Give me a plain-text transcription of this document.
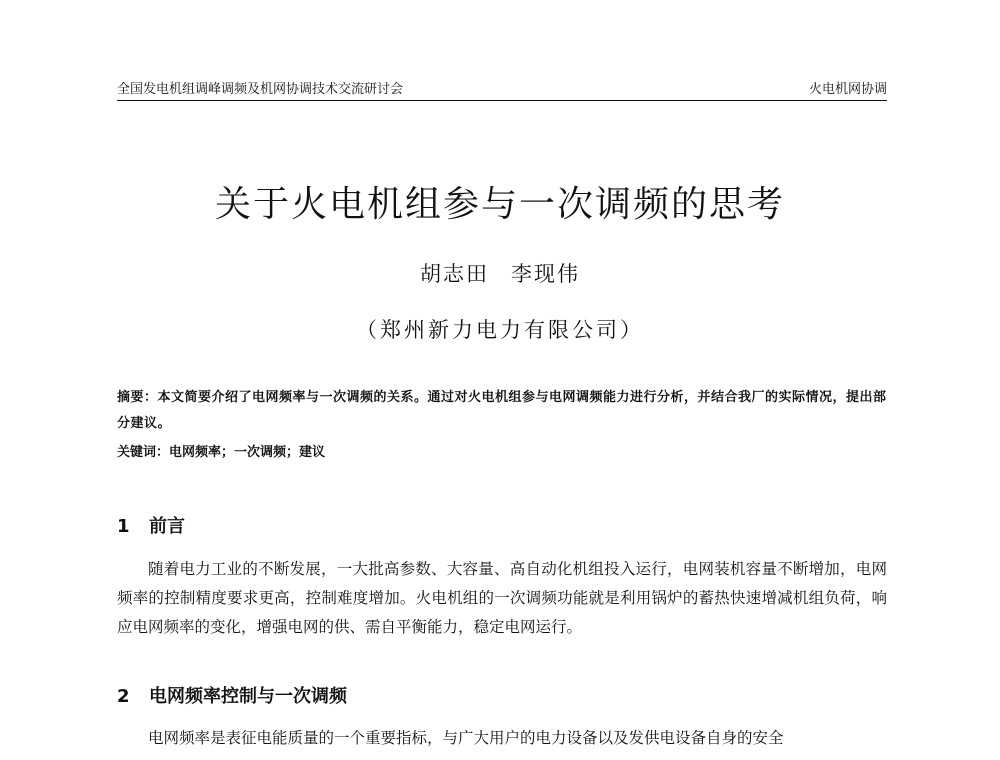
全国发电机组调峰调频及机网协调技术交流研讨会	火电机网协调
关于火电机组参与一次调频的思考
胡志田 李现伟
（郑州新力电力有限公司）
摘要：本文简要介绍了电网频率与一次调频的关系。通过对火电机组参与电网调频能力进行分析，并结合我厂的实际情况，提出部分建议。
关键词：电网频率；一次调频；建议
1 前言
随着电力工业的不断发展，一大批高参数、大容量、高自动化机组投入运行，电网装机容量不断增加，电网频率的控制精度要求更高，控制难度增加。火电机组的一次调频功能就是利用锅炉的蓄热快速增减机组负荷，响应电网频率的变化，增强电网的供、需自平衡能力，稳定电网运行。
2 电网频率控制与一次调频
电网频率是表征电能质量的一个重要指标，与广大用户的电力设备以及发供电设备自身的安全
